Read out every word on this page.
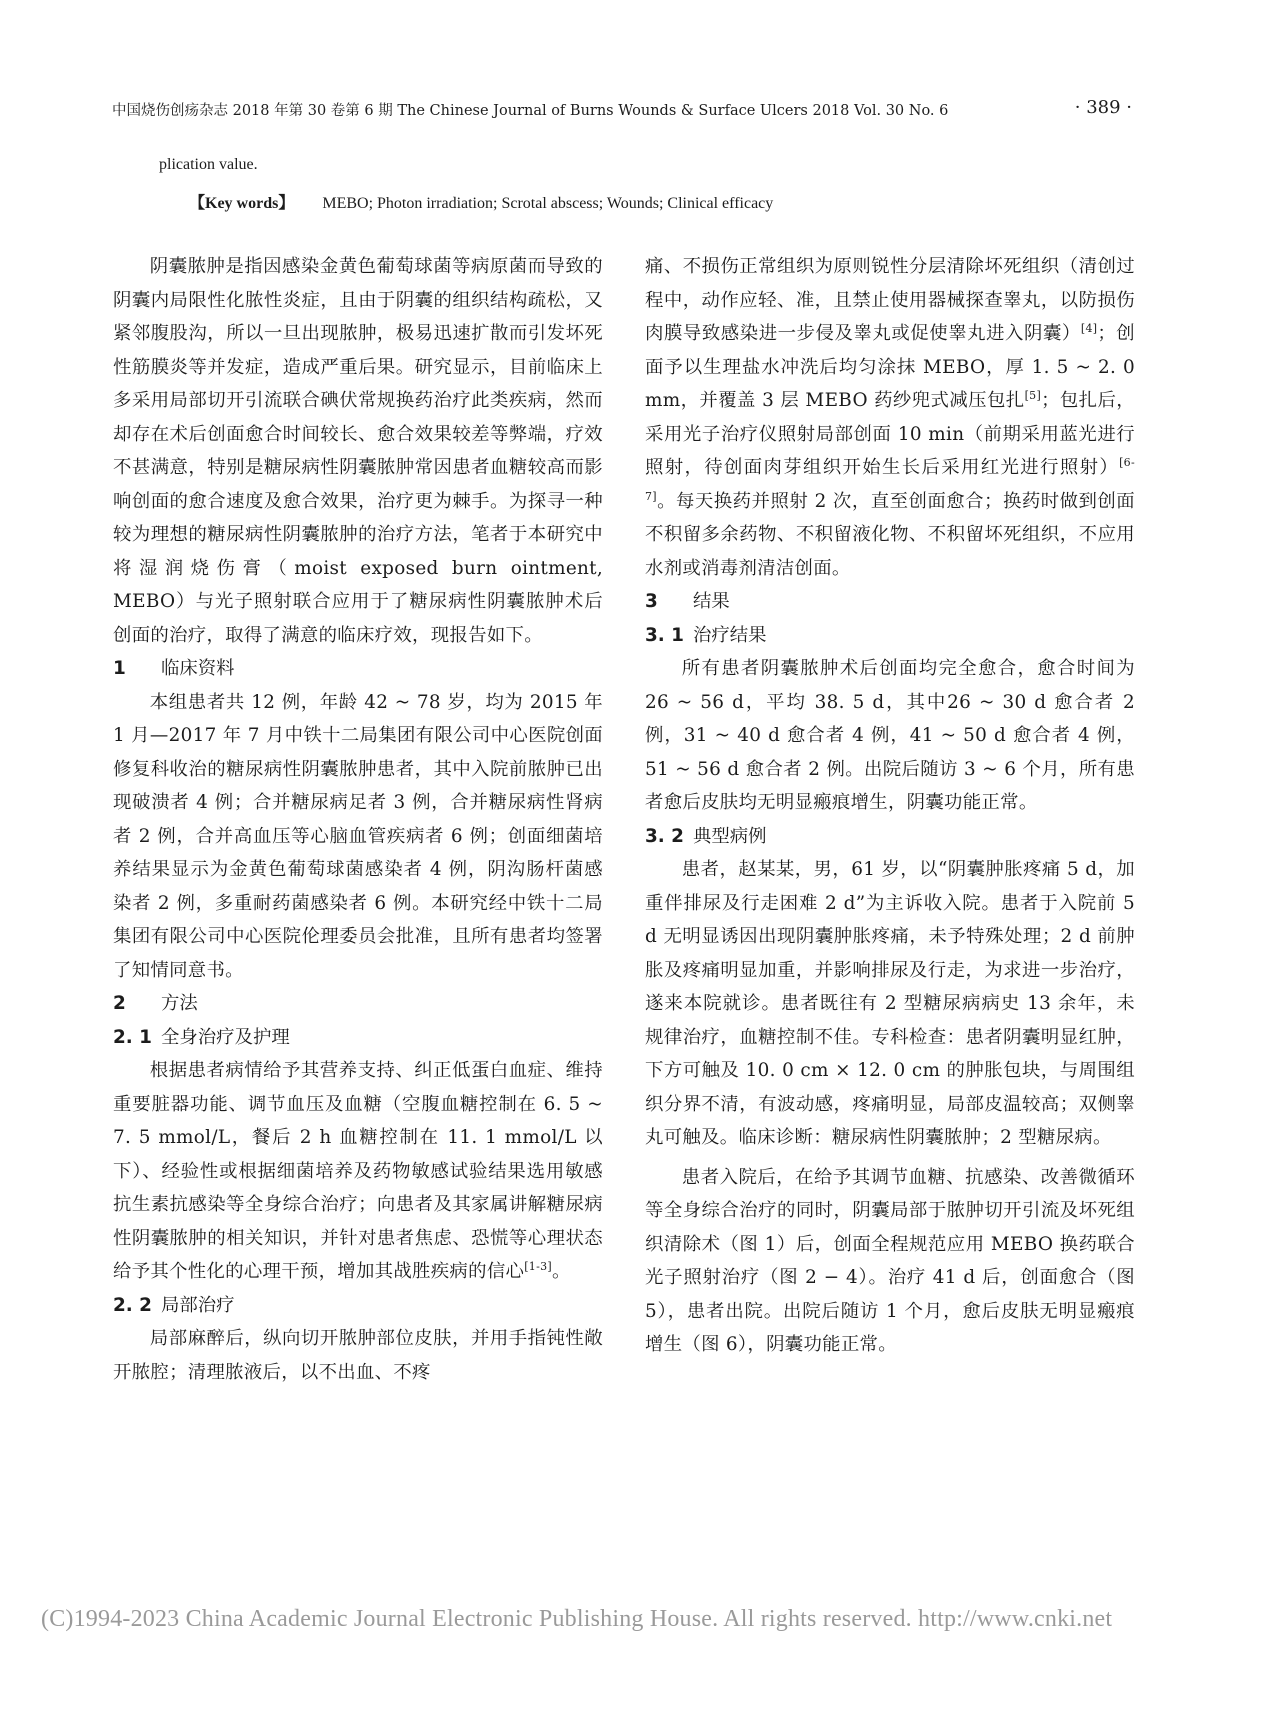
中国烧伤创疡杂志 2018 年第 30 卷第 6 期 The Chinese Journal of Burns Wounds & Surface Ulcers 2018 Vol. 30 No. 6	· 389 ·
plication value.
【Key words】 MEBO; Photon irradiation; Scrotal abscess; Wounds; Clinical efficacy

阴囊脓肿是指因感染金黄色葡萄球菌等病原菌而导致的阴囊内局限性化脓性炎症，且由于阴囊的组织结构疏松，又紧邻腹股沟，所以一旦出现脓肿，极易迅速扩散而引发坏死性筋膜炎等并发症，造成严重后果。研究显示，目前临床上多采用局部切开引流联合碘伏常规换药治疗此类疾病，然而却存在术后创面愈合时间较长、愈合效果较差等弊端，疗效不甚满意，特别是糖尿病性阴囊脓肿常因患者血糖较高而影响创面的愈合速度及愈合效果，治疗更为棘手。为探寻一种较为理想的糖尿病性阴囊脓肿的治疗方法，笔者于本研究中将湿润烧伤膏（moist exposed burn ointment, MEBO）与光子照射联合应用于了糖尿病性阴囊脓肿术后创面的治疗，取得了满意的临床疗效，现报告如下。

1 临床资料

本组患者共 12 例，年龄 42 ~ 78 岁，均为 2015 年 1 月—2017 年 7 月中铁十二局集团有限公司中心医院创面修复科收治的糖尿病性阴囊脓肿患者，其中入院前脓肿已出现破溃者 4 例；合并糖尿病足者 3 例，合并糖尿病性肾病者 2 例，合并高血压等心脑血管疾病者 6 例；创面细菌培养结果显示为金黄色葡萄球菌感染者 4 例，阴沟肠杆菌感染者 2 例，多重耐药菌感染者 6 例。本研究经中铁十二局集团有限公司中心医院伦理委员会批准，且所有患者均签署了知情同意书。

2 方法
2. 1 全身治疗及护理

根据患者病情给予其营养支持、纠正低蛋白血症、维持重要脏器功能、调节血压及血糖（空腹血糖控制在 6. 5 ~ 7. 5 mmol/L，餐后 2 h 血糖控制在 11. 1 mmol/L 以下）、经验性或根据细菌培养及药物敏感试验结果选用敏感抗生素抗感染等全身综合治疗；向患者及其家属讲解糖尿病性阴囊脓肿的相关知识，并针对患者焦虑、恐慌等心理状态给予其个性化的心理干预，增加其战胜疾病的信心[1-3]。

2. 2 局部治疗

局部麻醉后，纵向切开脓肿部位皮肤，并用手指钝性敞开脓腔；清理脓液后，以不出血、不疼

痛、不损伤正常组织为原则锐性分层清除坏死组织（清创过程中，动作应轻、准，且禁止使用器械探查睾丸，以防损伤肉膜导致感染进一步侵及睾丸或促使睾丸进入阴囊）[4]；创面予以生理盐水冲洗后均匀涂抹 MEBO，厚 1. 5 ~ 2. 0 mm，并覆盖 3 层 MEBO 药纱兜式减压包扎[5]；包扎后，采用光子治疗仪照射局部创面 10 min（前期采用蓝光进行照射，待创面肉芽组织开始生长后采用红光进行照射）[6-7]。每天换药并照射 2 次，直至创面愈合；换药时做到创面不积留多余药物、不积留液化物、不积留坏死组织，不应用水剂或消毒剂清洁创面。

3 结果
3. 1 治疗结果

所有患者阴囊脓肿术后创面均完全愈合，愈合时间为 26 ~ 56 d，平均 38. 5 d，其中26 ~ 30 d 愈合者 2 例，31 ~ 40 d 愈合者 4 例，41 ~ 50 d 愈合者 4 例，51 ~ 56 d 愈合者 2 例。出院后随访 3 ~ 6 个月，所有患者愈后皮肤均无明显瘢痕增生，阴囊功能正常。

3. 2 典型病例

患者，赵某某，男，61 岁，以“阴囊肿胀疼痛 5 d，加重伴排尿及行走困难 2 d”为主诉收入院。患者于入院前 5 d 无明显诱因出现阴囊肿胀疼痛，未予特殊处理；2 d 前肿胀及疼痛明显加重，并影响排尿及行走，为求进一步治疗，遂来本院就诊。患者既往有 2 型糖尿病病史 13 余年，未规律治疗，血糖控制不佳。专科检查：患者阴囊明显红肿，下方可触及 10. 0 cm × 12. 0 cm 的肿胀包块，与周围组织分界不清，有波动感，疼痛明显，局部皮温较高；双侧睾丸可触及。临床诊断：糖尿病性阴囊脓肿；2 型糖尿病。

患者入院后，在给予其调节血糖、抗感染、改善微循环等全身综合治疗的同时，阴囊局部于脓肿切开引流及坏死组织清除术（图 1）后，创面全程规范应用 MEBO 换药联合光子照射治疗（图 2 − 4）。治疗 41 d 后，创面愈合（图 5），患者出院。出院后随访 1 个月，愈后皮肤无明显瘢痕增生（图 6），阴囊功能正常。

(C)1994-2023 China Academic Journal Electronic Publishing House. All rights reserved. http://www.cnki.net
